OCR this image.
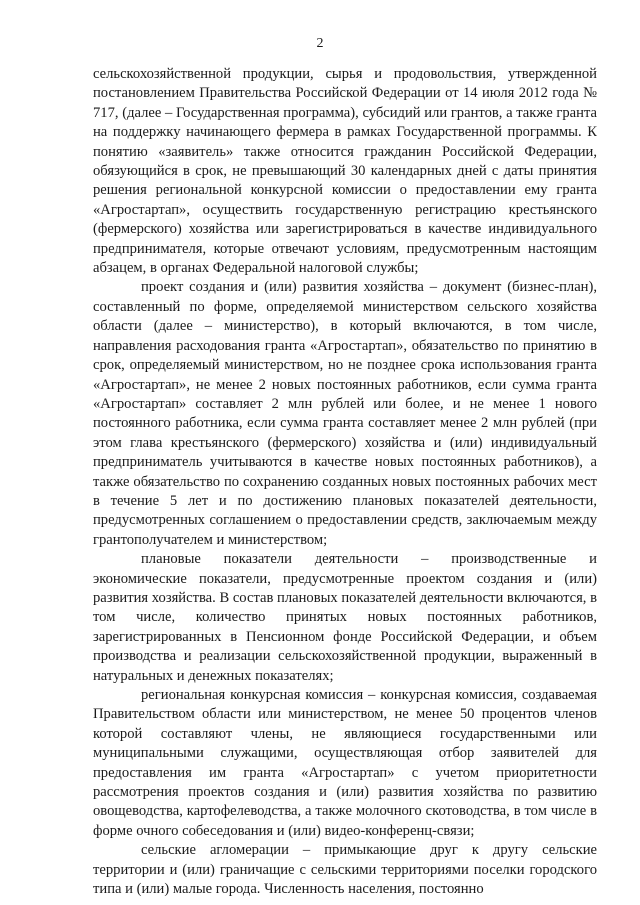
2

сельскохозяйственной продукции, сырья и продовольствия, утвержденной постановлением Правительства Российской Федерации от 14 июля 2012 года № 717, (далее – Государственная программа), субсидий или грантов, а также гранта на поддержку начинающего фермера в рамках Государственной программы. К понятию «заявитель» также относится гражданин Российской Федерации, обязующийся в срок, не превышающий 30 календарных дней с даты принятия решения региональной конкурсной комиссии о предоставлении ему гранта «Агростартап», осуществить государственную регистрацию крестьянского (фермерского) хозяйства или зарегистрироваться в качестве индивидуального предпринимателя, которые отвечают условиям, предусмотренным настоящим абзацем, в органах Федеральной налоговой службы;

проект создания и (или) развития хозяйства – документ (бизнес-план), составленный по форме, определяемой министерством сельского хозяйства области (далее – министерство), в который включаются, в том числе, направления расходования гранта «Агростартап», обязательство по принятию в срок, определяемый министерством, но не позднее срока использования гранта «Агростартап», не менее 2 новых постоянных работников, если сумма гранта «Агростартап» составляет 2 млн рублей или более, и не менее 1 нового постоянного работника, если сумма гранта составляет менее 2 млн рублей (при этом глава крестьянского (фермерского) хозяйства и (или) индивидуальный предприниматель учитываются в качестве новых постоянных работников), а также обязательство по сохранению созданных новых постоянных рабочих мест в течение 5 лет и по достижению плановых показателей деятельности, предусмотренных соглашением о предоставлении средств, заключаемым между грантополучателем и министерством;

плановые показатели деятельности – производственные и экономические показатели, предусмотренные проектом создания и (или) развития хозяйства. В состав плановых показателей деятельности включаются, в том числе, количество принятых новых постоянных работников, зарегистрированных в Пенсионном фонде Российской Федерации, и объем производства и реализации сельскохозяйственной продукции, выраженный в натуральных и денежных показателях;

региональная конкурсная комиссия – конкурсная комиссия, создаваемая Правительством области или министерством, не менее 50 процентов членов которой составляют члены, не являющиеся государственными или муниципальными служащими, осуществляющая отбор заявителей для предоставления им гранта «Агростартап» с учетом приоритетности рассмотрения проектов создания и (или) развития хозяйства по развитию овощеводства, картофелеводства, а также молочного скотоводства, в том числе в форме очного собеседования и (или) видео-конференц-связи;

сельские агломерации – примыкающие друг к другу сельские территории и (или) граничащие с сельскими территориями поселки городского типа и (или) малые города. Численность населения, постоянно
